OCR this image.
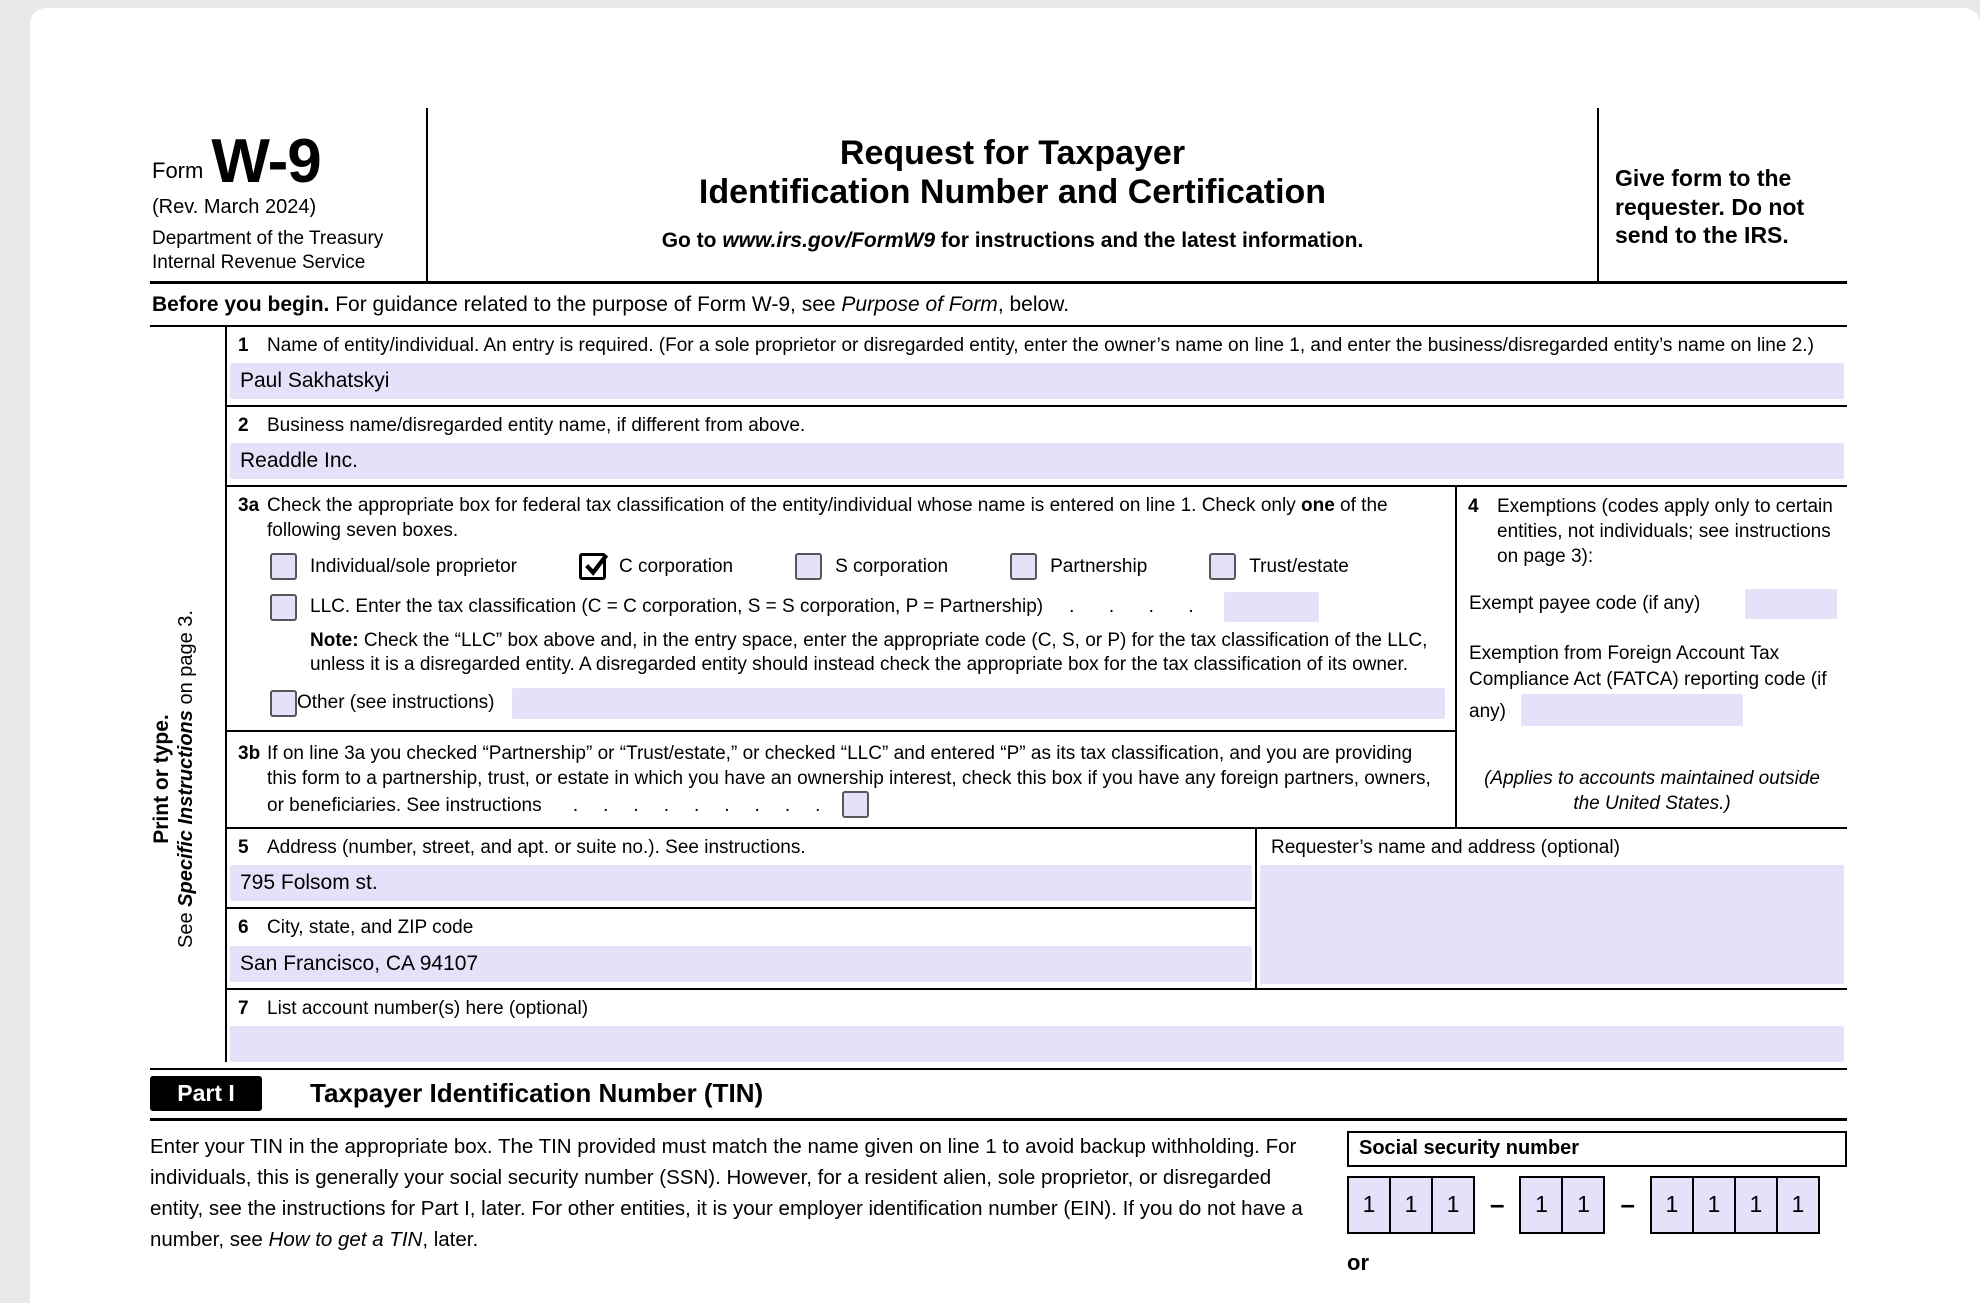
Form W-9
(Rev. March 2024)
Department of the Treasury
Internal Revenue Service
Request for Taxpayer
Identification Number and Certification
Go to www.irs.gov/FormW9 for instructions and the latest information.
Give form to the requester. Do not send to the IRS.
Before you begin. For guidance related to the purpose of Form W-9, see Purpose of Form, below.
Print or type.
See Specific Instructions on page 3.
1 Name of entity/individual. An entry is required. (For a sole proprietor or disregarded entity, enter the owner’s name on line 1, and enter the business/disregarded entity’s name on line 2.)
Paul Sakhatskyi
2 Business name/disregarded entity name, if different from above.
Readdle Inc.
3a Check the appropriate box for federal tax classification of the entity/individual whose name is entered on line 1. Check only one of the following seven boxes.
Individual/sole proprietor	C corporation	S corporation	Partnership	Trust/estate
LLC. Enter the tax classification (C = C corporation, S = S corporation, P = Partnership) .  .  .  .
Note: Check the “LLC” box above and, in the entry space, enter the appropriate code (C, S, or P) for the tax classification of the LLC, unless it is a disregarded entity. A disregarded entity should instead check the appropriate box for the tax classification of its owner.
Other (see instructions)
3b If on line 3a you checked “Partnership” or “Trust/estate,” or checked “LLC” and entered “P” as its tax classification, and you are providing this form to a partnership, trust, or estate in which you have an ownership interest, check this box if you have any foreign partners, owners, or beneficiaries. See instructions .  .  .  .  .  .  .  .  .
4 Exemptions (codes apply only to certain entities, not individuals; see instructions on page 3):
Exempt payee code (if any)
Exemption from Foreign Account Tax Compliance Act (FATCA) reporting code (if any)
(Applies to accounts maintained outside the United States.)
5 Address (number, street, and apt. or suite no.). See instructions.
795 Folsom st.
6 City, state, and ZIP code
San Francisco, CA 94107
Requester’s name and address (optional)
7 List account number(s) here (optional)
Part I	Taxpayer Identification Number (TIN)
Enter your TIN in the appropriate box. The TIN provided must match the name given on line 1 to avoid backup withholding. For individuals, this is generally your social security number (SSN). However, for a resident alien, sole proprietor, or disregarded entity, see the instructions for Part I, later. For other entities, it is your employer identification number (EIN). If you do not have a number, see How to get a TIN, later.
Social security number
1	1	1	–	1	1	–	1	1	1	1
or
